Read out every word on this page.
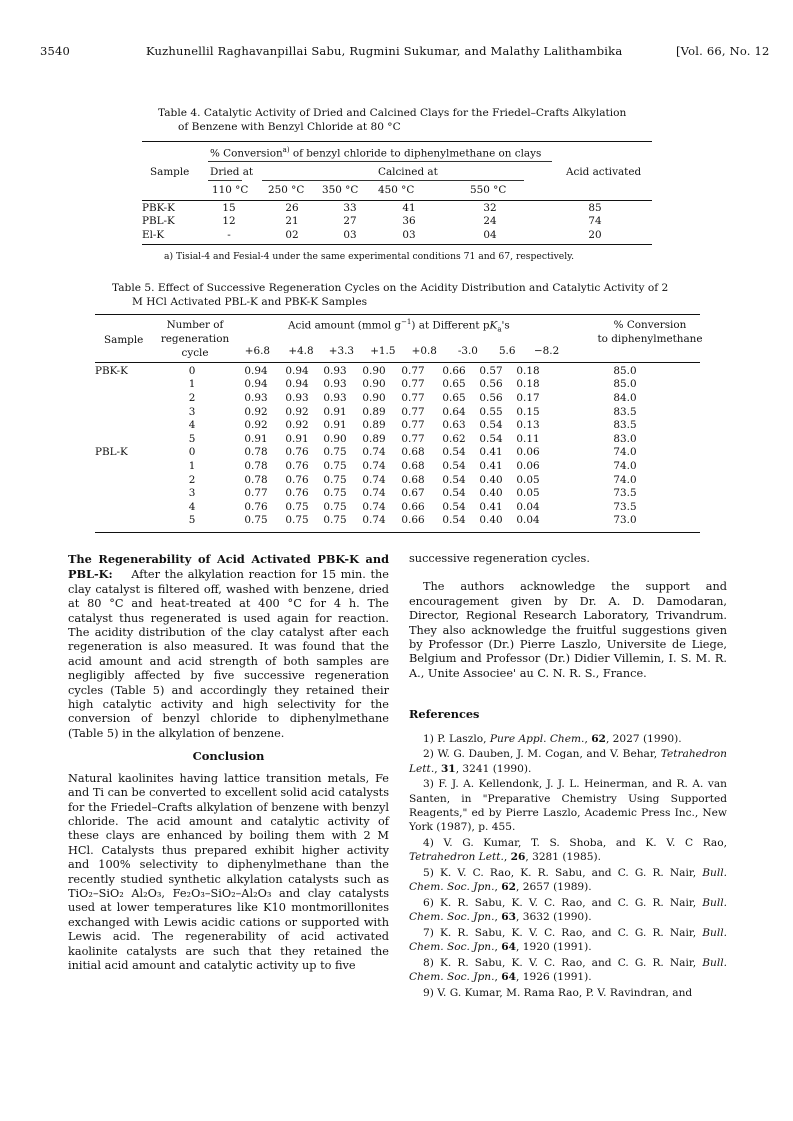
3540	Kuzhunellil Raghavanpillai Sabu, Rugmini Sukumar, and Malathy Lalithambika	[Vol. 66, No. 12
Table 4. Catalytic Activity of Dried and Calcined Clays for the Friedel–Crafts Alkylation
of Benzene with Benzyl Chloride at 80 °C
% Conversion$^{a)}$ of benzyl chloride to diphenylmethane on clays
Sample Dried at	Calcined at	Acid activated
110 °C 250 °C 350 °C 450 °C	550 °C
PBK-K	15	26	33	41	32	85
PBL-K	12	21	27	36	24	74
El-K	-	02	03	03	04	20
a) Tisial-4 and Fesial-4 under the same experimental conditions 71 and 67, respectively.
Table 5. Effect of Successive Regeneration Cycles on the Acidity Distribution and Catalytic Activity of 2
M HCl Activated PBL-K and PBK-K Samples
Sample
Number of
regeneration
cycle
Acid amount (mmol $g^{-1}$) at Different $pK_a's$	% Conversion
to diphenylmethane
+6.8	+4.8	+3.3	+1.5	+0.8	-3.0	5.6	−8.2
PBK-K	0	0.94	0.94	0.93	0.90	0.77	0.66	0.57	0.18	85.0
	1	0.94	0.94	0.93	0.90	0.77	0.65	0.56	0.18	85.0
	2	0.93	0.93	0.93	0.90	0.77	0.65	0.56	0.17	84.0
	3	0.92	0.92	0.91	0.89	0.77	0.64	0.55	0.15	83.5
	4	0.92	0.92	0.91	0.89	0.77	0.63	0.54	0.13	83.5
	5	0.91	0.91	0.90	0.89	0.77	0.62	0.54	0.11	83.0
PBL-K	0	0.78	0.76	0.75	0.74	0.68	0.54	0.41	0.06	74.0
	1	0.78	0.76	0.75	0.74	0.68	0.54	0.41	0.06	74.0
	2	0.78	0.76	0.75	0.74	0.68	0.54	0.40	0.05	74.0
	3	0.77	0.76	0.75	0.74	0.67	0.54	0.40	0.05	73.5
	4	0.76	0.75	0.75	0.74	0.66	0.54	0.41	0.04	73.5
	5	0.75	0.75	0.75	0.74	0.66	0.54	0.40	0.04	73.0

The Regenerability of Acid Activated PBK-K and PBL-K: After the alkylation reaction for 15 min. the clay catalyst is filtered off, washed with benzene, dried at 80 °C and heat-treated at 400 °C for 4 h. The catalyst thus regenerated is used again for reaction. The acidity distribution of the clay catalyst after each regeneration is also measured. It was found that the acid amount and acid strength of both samples are negligibly affected by five successive regeneration cycles (Table 5) and accordingly they retained their high catalytic activity and high selectivity for the conversion of benzyl chloride to diphenylmethane (Table 5) in the alkylation of benzene.

Conclusion

Natural kaolinites having lattice transition metals, Fe and Ti can be converted to excellent solid acid catalysts for the Friedel–Crafts alkylation of benzene with benzyl chloride. The acid amount and catalytic activity of these clays are enhanced by boiling them with 2 M HCl. Catalysts thus prepared exhibit higher activity and 100% selectivity to diphenylmethane than the recently studied synthetic alkylation catalysts such as TiO₂–SiO₂ Al₂O₃, Fe₂O₃–SiO₂–Al₂O₃ and clay catalysts used at lower temperatures like K10 montmorillonites exchanged with Lewis acidic cations or supported with Lewis acid. The regenerability of acid activated kaolinite catalysts are such that they retained the initial acid amount and catalytic activity up to five

successive regeneration cycles.

The authors acknowledge the support and encouragement given by Dr. A. D. Damodaran, Director, Regional Research Laboratory, Trivandrum. They also acknowledge the fruitful suggestions given by Professor (Dr.) Pierre Laszlo, Universite de Liege, Belgium and Professor (Dr.) Didier Villemin, I. S. M. R. A., Unite Associee' au C. N. R. S., France.

References
1) P. Laszlo, Pure Appl. Chem., 62, 2027 (1990).
2) W. G. Dauben, J. M. Cogan, and V. Behar, Tetrahedron Lett., 31, 3241 (1990).
3) F. J. A. Kellendonk, J. J. L. Heinerman, and R. A. van Santen, in "Preparative Chemistry Using Supported Reagents," ed by Pierre Laszlo, Academic Press Inc., New York (1987), p. 455.
4) V. G. Kumar, T. S. Shoba, and K. V. C Rao, Tetrahedron Lett., 26, 3281 (1985).
5) K. V. C. Rao, K. R. Sabu, and C. G. R. Nair, Bull. Chem. Soc. Jpn., 62, 2657 (1989).
6) K. R. Sabu, K. V. C. Rao, and C. G. R. Nair, Bull. Chem. Soc. Jpn., 63, 3632 (1990).
7) K. R. Sabu, K. V. C. Rao, and C. G. R. Nair, Bull. Chem. Soc. Jpn., 64, 1920 (1991).
8) K. R. Sabu, K. V. C. Rao, and C. G. R. Nair, Bull. Chem. Soc. Jpn., 64, 1926 (1991).
9) V. G. Kumar, M. Rama Rao, P. V. Ravindran, and
